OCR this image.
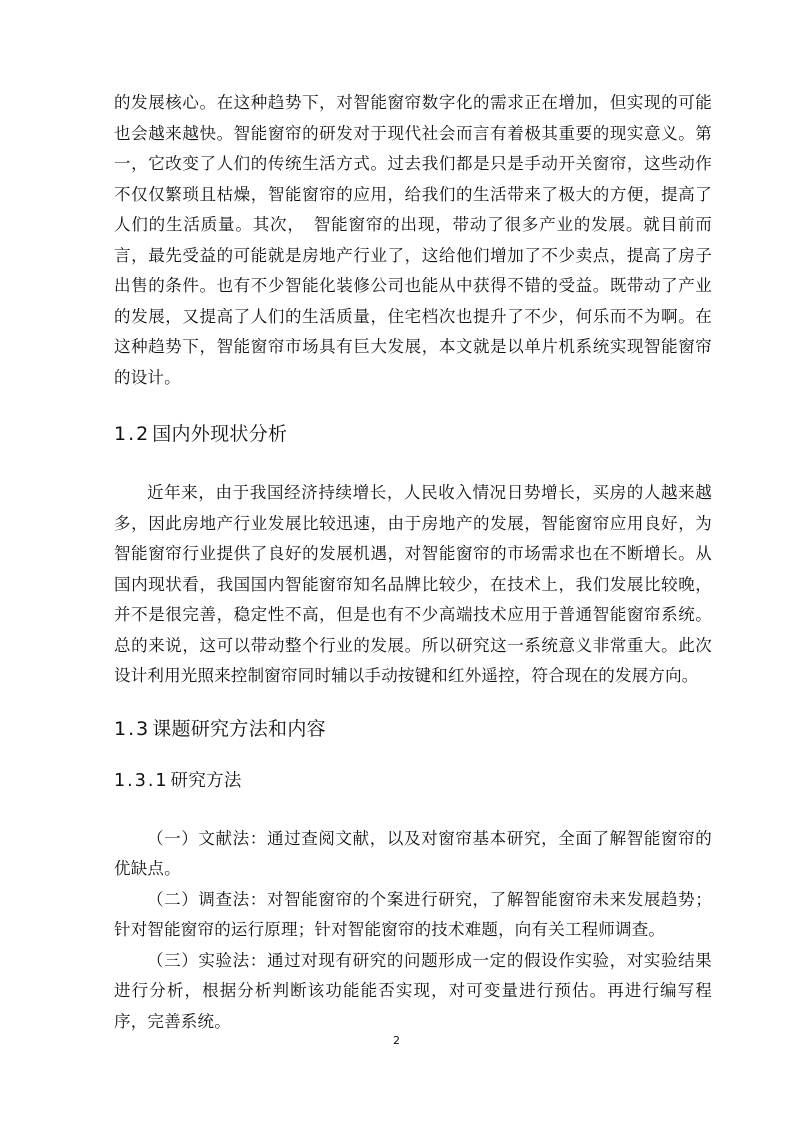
的发展核心。在这种趋势下，对智能窗帘数字化的需求正在增加，但实现的可能也会越来越快。智能窗帘的研发对于现代社会而言有着极其重要的现实意义。第一，它改变了人们的传统生活方式。过去我们都是只是手动开关窗帘，这些动作不仅仅繁琐且枯燥，智能窗帘的应用，给我们的生活带来了极大的方便，提高了人们的生活质量。其次，　智能窗帘的出现，带动了很多产业的发展。就目前而言，最先受益的可能就是房地产行业了，这给他们增加了不少卖点，提高了房子出售的条件。也有不少智能化装修公司也能从中获得不错的受益。既带动了产业的发展，又提高了人们的生活质量，住宅档次也提升了不少，何乐而不为啊。在这种趋势下，智能窗帘市场具有巨大发展，本文就是以单片机系统实现智能窗帘的设计。

1.2 国内外现状分析

近年来，由于我国经济持续增长，人民收入情况日势增长，买房的人越来越多，因此房地产行业发展比较迅速，由于房地产的发展，智能窗帘应用良好，为智能窗帘行业提供了良好的发展机遇，对智能窗帘的市场需求也在不断增长。从国内现状看，我国国内智能窗帘知名品牌比较少，在技术上，我们发展比较晚，并不是很完善，稳定性不高，但是也有不少高端技术应用于普通智能窗帘系统。总的来说，这可以带动整个行业的发展。所以研究这一系统意义非常重大。此次设计利用光照来控制窗帘同时辅以手动按键和红外遥控，符合现在的发展方向。

1.3 课题研究方法和内容
1.3.1 研究方法

（一）文献法：通过查阅文献，以及对窗帘基本研究，全面了解智能窗帘的优缺点。

（二）调查法：对智能窗帘的个案进行研究，了解智能窗帘未来发展趋势；针对智能窗帘的运行原理；针对智能窗帘的技术难题，向有关工程师调查。

（三）实验法：通过对现有研究的问题形成一定的假设作实验，对实验结果进行分析，根据分析判断该功能能否实现，对可变量进行预估。再进行编写程序，完善系统。

2
